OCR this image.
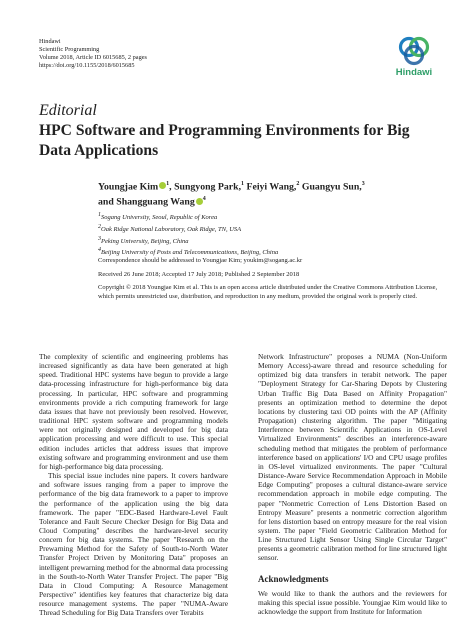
Hindawi
Scientific Programming
Volume 2018, Article ID 6015685, 2 pages
https://doi.org/10.1155/2018/6015685
Hindawi
Editorial
HPC Software and Programming Environments for Big Data Applications
Youngjae Kim $^1$, Sungyong Park,$^1$ Feiyi Wang,$^2$ Guangyu Sun,$^3$
and Shangguang Wang $^4$
$^1$Sogang University, Seoul, Republic of Korea
$^2$Oak Ridge National Laboratory, Oak Ridge, TN, USA
$^3$Peking University, Beijing, China
$^4$Beijing University of Posts and Telecommunications, Beijing, China
Correspondence should be addressed to Youngjae Kim; youkim@sogang.ac.kr
Received 26 June 2018; Accepted 17 July 2018; Published 2 September 2018
Copyright © 2018 Youngjae Kim et al. This is an open access article distributed under the Creative Commons Attribution License, which permits unrestricted use, distribution, and reproduction in any medium, provided the original work is properly cited.

The complexity of scientific and engineering problems has increased significantly as data have been generated at high speed. Traditional HPC systems have begun to provide a large data-processing infrastructure for high-performance big data processing. In particular, HPC software and programming environments provide a rich computing framework for large data issues that have not previously been resolved. However, traditional HPC system software and programming models were not originally designed and developed for big data application processing and were difficult to use. This special edition includes articles that address issues that improve existing software and programming environment and use them for high-performance big data processing.

This special issue includes nine papers. It covers hardware and software issues ranging from a paper to improve the performance of the big data framework to a paper to improve the performance of the application using the big data framework. The paper "EDC-Based Hardware-Level Fault Tolerance and Fault Secure Checker Design for Big Data and Cloud Computing" describes the hardware-level security concern for big data systems. The paper "Research on the Prewarning Method for the Safety of South-to-North Water Transfer Project Driven by Monitoring Data" proposes an intelligent prewarning method for the abnormal data processing in the South-to-North Water Transfer Project. The paper "Big Data in Cloud Computing: A Resource Management Perspective" identifies key features that characterize big data resource management systems. The paper "NUMA-Aware Thread Scheduling for Big Data Transfers over Terabits

Network Infrastructure" proposes a NUMA (Non-Uniform Memory Access)-aware thread and resource scheduling for optimized big data transfers in terabit network. The paper "Deployment Strategy for Car-Sharing Depots by Clustering Urban Traffic Big Data Based on Affinity Propagation" presents an optimization method to determine the depot locations by clustering taxi OD points with the AP (Affinity Propagation) clustering algorithm. The paper "Mitigating Interference between Scientific Applications in OS-Level Virtualized Environments" describes an interference-aware scheduling method that mitigates the problem of performance interference based on applications' I/O and CPU usage profiles in OS-level virtualized environments. The paper "Cultural Distance-Aware Service Recommendation Approach in Mobile Edge Computing" proposes a cultural distance-aware service recommendation approach in mobile edge computing. The paper "Nonmetric Correction of Lens Distortion Based on Entropy Measure" presents a nonmetric correction algorithm for lens distortion based on entropy measure for the real vision system. The paper "Field Geometric Calibration Method for Line Structured Light Sensor Using Single Circular Target" presents a geometric calibration method for line structured light sensor.

Acknowledgments

We would like to thank the authors and the reviewers for making this special issue possible. Youngjae Kim would like to acknowledge the support from Institute for Information
